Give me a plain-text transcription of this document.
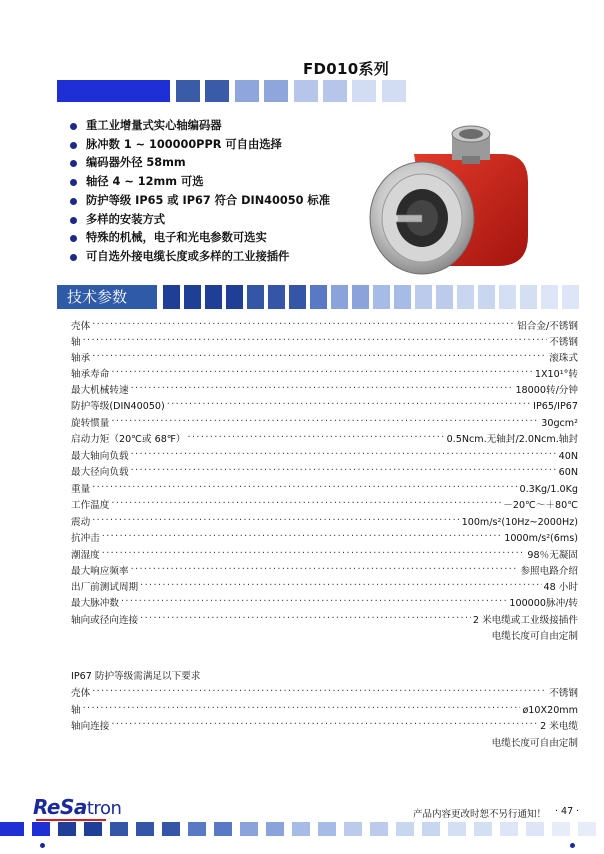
FD010系列
重工业增量式实心轴编码器
脉冲数 1 ~ 100000PPR 可自由选择
编码器外径 58mm
轴径 4 ~ 12mm 可选
防护等级 IP65 或 IP67 符合 DIN40050 标准
多样的安装方式
特殊的机械，电子和光电参数可选实
可自选外接电缆长度或多样的工业接插件
技术参数
壳体 ·····	铝合金/不锈钢
轴 ·····	不锈钢
轴承 ·····	滚珠式
轴承寿命 ·····	1X10¹°转
最大机械转速 ·····	18000转/分钟
防护等级(DIN40050) ·····	IP65/IP67
旋转惯量 ·····	30gcm²
启动力矩（20℃或 68℉） ·····	0.5Ncm.无轴封/2.0Ncm.轴封
最大轴向负载 ·····	40N
最大径向负载 ·····	60N
重量 ·····	0.3Kg/1.0Kg
工作温度 ·····	－20℃～＋80℃
震动 ·····	100m/s²(10Hz~2000Hz)
抗冲击 ·····	1000m/s²(6ms)
潮湿度 ·····	98％无凝固
最大响应频率 ·····	参照电路介绍
出厂前测试周期 ·····	48 小时
最大脉冲数 ·····	100000脉冲/转
轴向或径向连接 ·····	2 米电缆或工业级接插件
电缆长度可自由定制
IP67 防护等级需满足以下要求
壳体 ·····	不锈钢
轴 ·····	ø10X20mm
轴向连接 ·····	2 米电缆
电缆长度可自由定制
ReSatron	产品内容更改时恕不另行通知！ · 47 ·
